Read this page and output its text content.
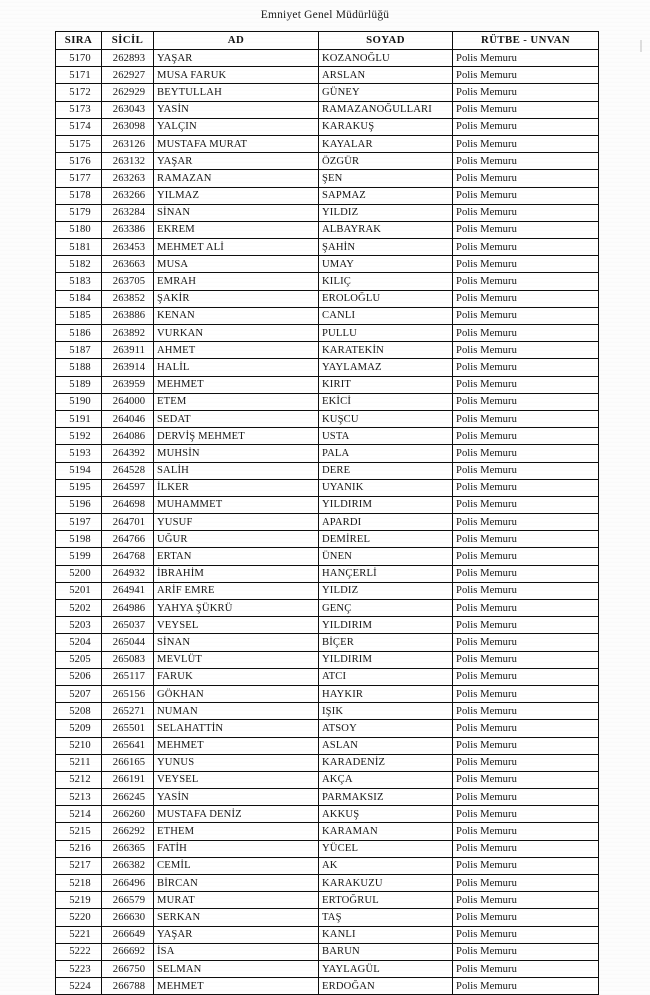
Emniyet Genel Müdürlüğü
SIRA	SİCİL	AD	SOYAD	RÜTBE - UNVAN
5170	262893	YAŞAR	KOZANOĞLU	Polis Memuru
5171	262927	MUSA FARUK	ARSLAN	Polis Memuru
5172	262929	BEYTULLAH	GÜNEY	Polis Memuru
5173	263043	YASİN	RAMAZANOĞULLARI	Polis Memuru
5174	263098	YALÇIN	KARAKUŞ	Polis Memuru
5175	263126	MUSTAFA MURAT	KAYALAR	Polis Memuru
5176	263132	YAŞAR	ÖZGÜR	Polis Memuru
5177	263263	RAMAZAN	ŞEN	Polis Memuru
5178	263266	YILMAZ	SAPMAZ	Polis Memuru
5179	263284	SİNAN	YILDIZ	Polis Memuru
5180	263386	EKREM	ALBAYRAK	Polis Memuru
5181	263453	MEHMET ALİ	ŞAHİN	Polis Memuru
5182	263663	MUSA	UMAY	Polis Memuru
5183	263705	EMRAH	KILIÇ	Polis Memuru
5184	263852	ŞAKİR	EROLOĞLU	Polis Memuru
5185	263886	KENAN	CANLI	Polis Memuru
5186	263892	VURKAN	PULLU	Polis Memuru
5187	263911	AHMET	KARATEKİN	Polis Memuru
5188	263914	HALİL	YAYLAMAZ	Polis Memuru
5189	263959	MEHMET	KIRIT	Polis Memuru
5190	264000	ETEM	EKİCİ	Polis Memuru
5191	264046	SEDAT	KUŞCU	Polis Memuru
5192	264086	DERVİŞ MEHMET	USTA	Polis Memuru
5193	264392	MUHSİN	PALA	Polis Memuru
5194	264528	SALİH	DERE	Polis Memuru
5195	264597	İLKER	UYANIK	Polis Memuru
5196	264698	MUHAMMET	YILDIRIM	Polis Memuru
5197	264701	YUSUF	APARDI	Polis Memuru
5198	264766	UĞUR	DEMİREL	Polis Memuru
5199	264768	ERTAN	ÜNEN	Polis Memuru
5200	264932	İBRAHİM	HANÇERLİ	Polis Memuru
5201	264941	ARİF EMRE	YILDIZ	Polis Memuru
5202	264986	YAHYA ŞÜKRÜ	GENÇ	Polis Memuru
5203	265037	VEYSEL	YILDIRIM	Polis Memuru
5204	265044	SİNAN	BİÇER	Polis Memuru
5205	265083	MEVLÜT	YILDIRIM	Polis Memuru
5206	265117	FARUK	ATCI	Polis Memuru
5207	265156	GÖKHAN	HAYKIR	Polis Memuru
5208	265271	NUMAN	IŞIK	Polis Memuru
5209	265501	SELAHATTİN	ATSOY	Polis Memuru
5210	265641	MEHMET	ASLAN	Polis Memuru
5211	266165	YUNUS	KARADENİZ	Polis Memuru
5212	266191	VEYSEL	AKÇA	Polis Memuru
5213	266245	YASİN	PARMAKSIZ	Polis Memuru
5214	266260	MUSTAFA DENİZ	AKKUŞ	Polis Memuru
5215	266292	ETHEM	KARAMAN	Polis Memuru
5216	266365	FATİH	YÜCEL	Polis Memuru
5217	266382	CEMİL	AK	Polis Memuru
5218	266496	BİRCAN	KARAKUZU	Polis Memuru
5219	266579	MURAT	ERTOĞRUL	Polis Memuru
5220	266630	SERKAN	TAŞ	Polis Memuru
5221	266649	YAŞAR	KANLI	Polis Memuru
5222	266692	İSA	BARUN	Polis Memuru
5223	266750	SELMAN	YAYLAGÜL	Polis Memuru
5224	266788	MEHMET	ERDOĞAN	Polis Memuru
